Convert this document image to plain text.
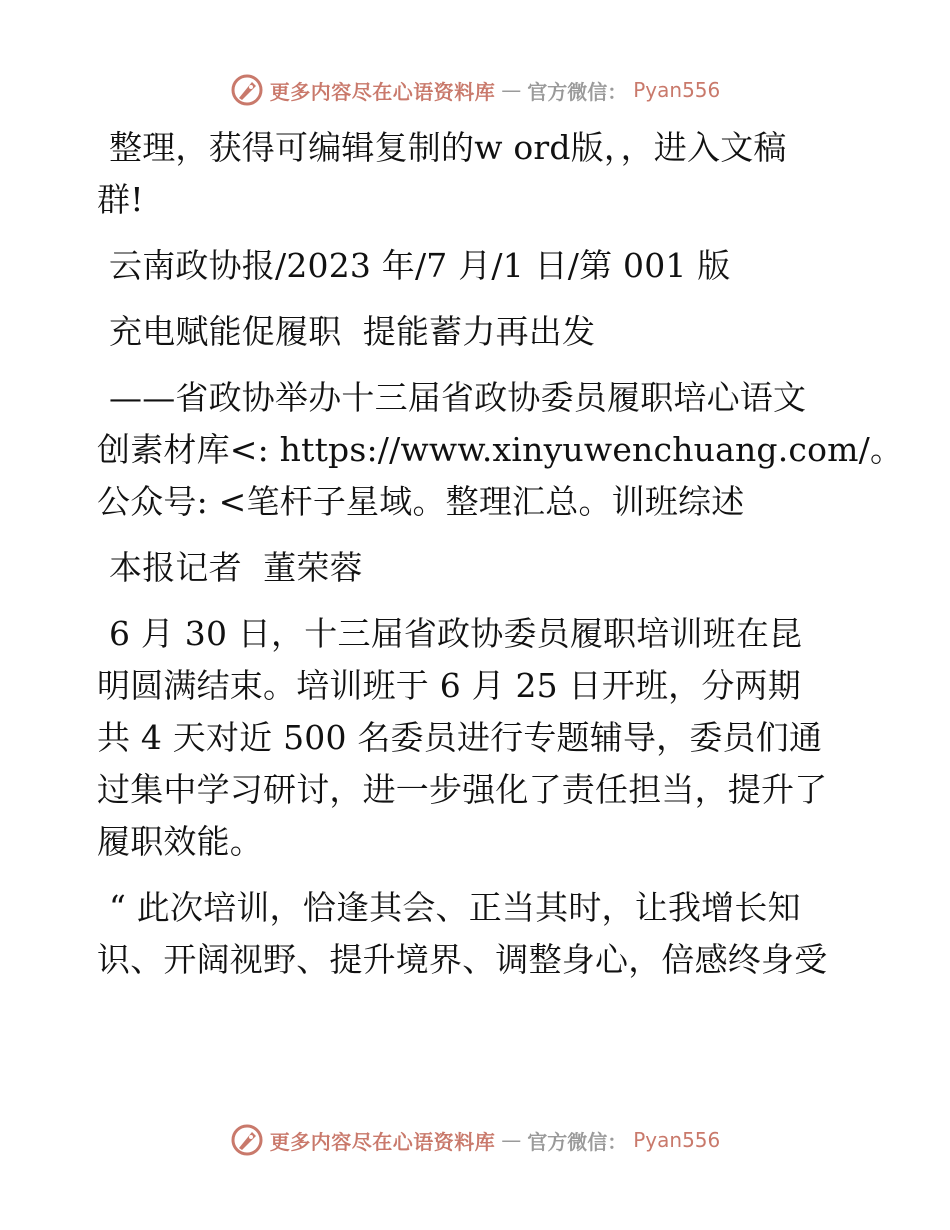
更多内容尽在心语资料库 — 官方微信： Pyan556
整理，获得可编辑复制的w ord版，，进入文稿
群!
云南政协报/2023 年/7 月/1 日/第 001 版
充电赋能促履职  提能蓄力再出发
——省政协举办十三届省政协委员履职培心语文
创素材库<: https://www.xinyuwenchuang.com/。
公众号: <笔杆子星域。整理汇总。训班综述
本报记者  董荣蓉
6 月 30 日，十三届省政协委员履职培训班在昆
明圆满结束。培训班于 6 月 25 日开班，分两期
共 4 天对近 500 名委员进行专题辅导，委员们通
过集中学习研讨，进一步强化了责任担当，提升了
履职效能。
“ 此次培训，恰逢其会、正当其时，让我增长知
识、开阔视野、提升境界、调整身心，倍感终身受
更多内容尽在心语资料库 — 官方微信： Pyan556
